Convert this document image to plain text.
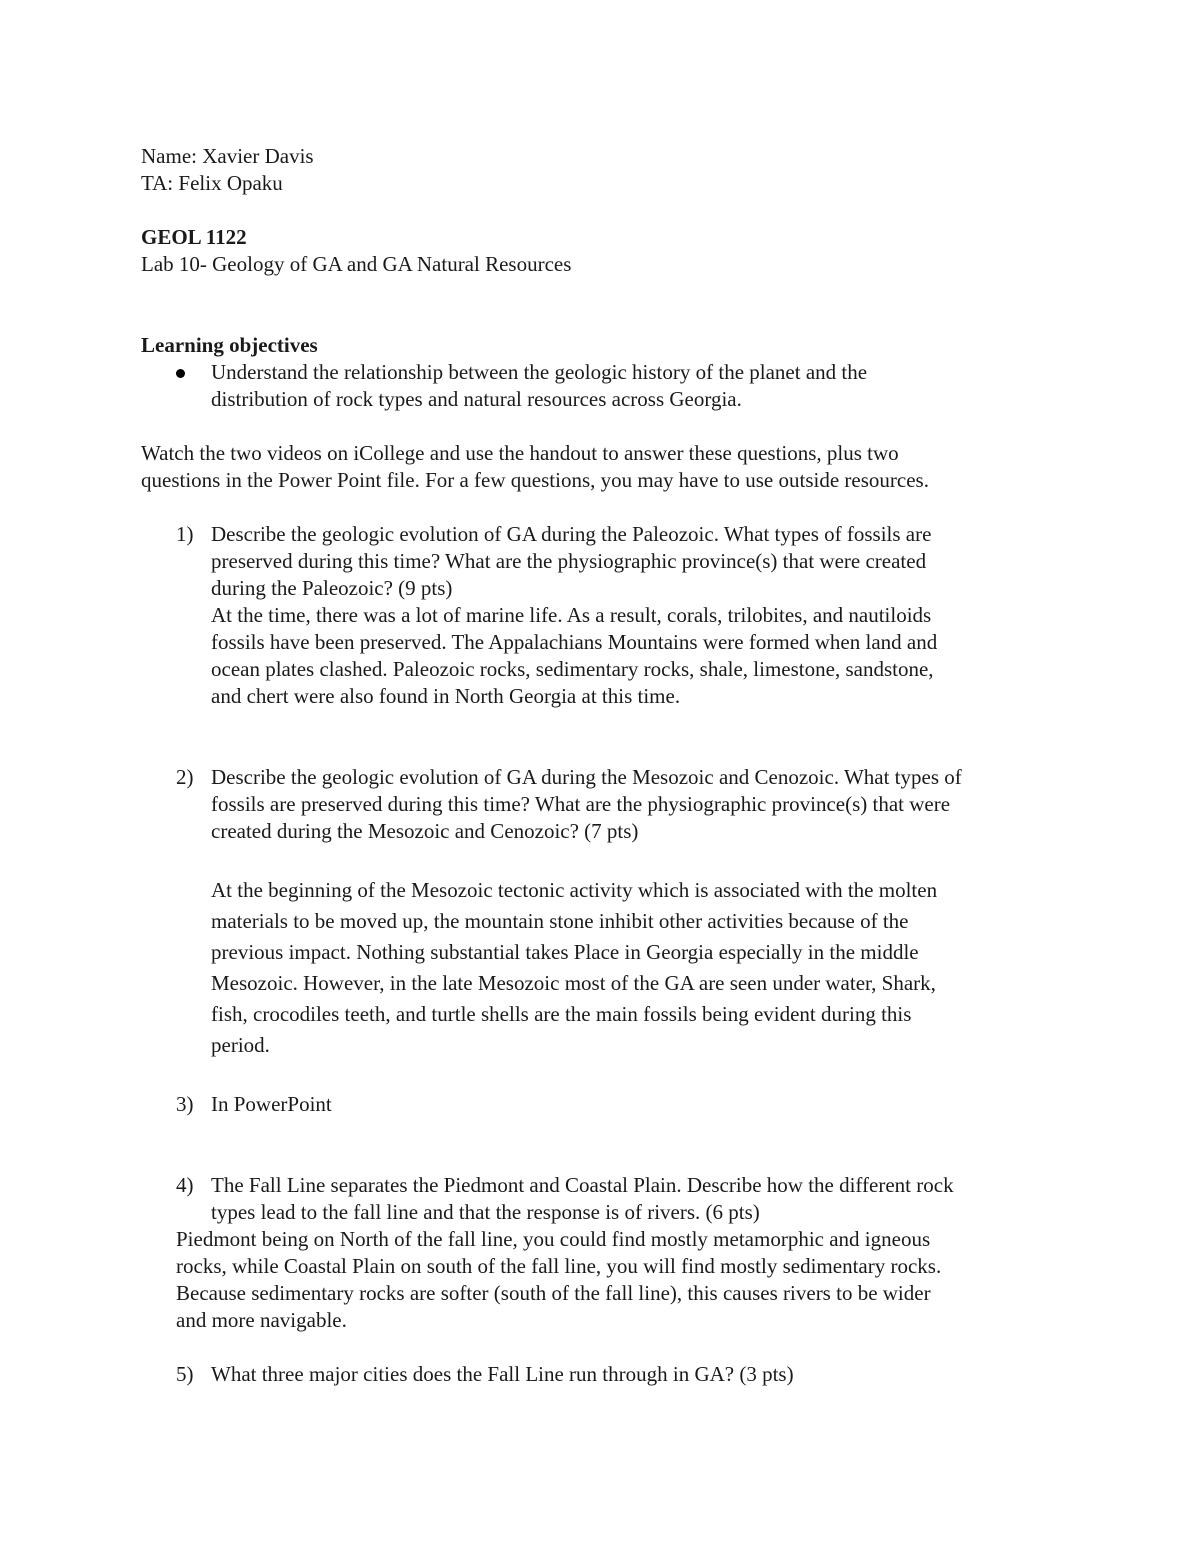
Name: Xavier Davis
TA: Felix Opaku
GEOL 1122
Lab 10- Geology of GA and GA Natural Resources
Learning objectives
Understand the relationship between the geologic history of the planet and the
distribution of rock types and natural resources across Georgia.
Watch the two videos on iCollege and use the handout to answer these questions, plus two
questions in the Power Point file. For a few questions, you may have to use outside resources.
1) Describe the geologic evolution of GA during the Paleozoic. What types of fossils are
preserved during this time? What are the physiographic province(s) that were created
during the Paleozoic? (9 pts)
At the time, there was a lot of marine life. As a result, corals, trilobites, and nautiloids
fossils have been preserved. The Appalachians Mountains were formed when land and
ocean plates clashed. Paleozoic rocks, sedimentary rocks, shale, limestone, sandstone,
and chert were also found in North Georgia at this time.
2) Describe the geologic evolution of GA during the Mesozoic and Cenozoic. What types of
fossils are preserved during this time? What are the physiographic province(s) that were
created during the Mesozoic and Cenozoic? (7 pts)
At the beginning of the Mesozoic tectonic activity which is associated with the molten
materials to be moved up, the mountain stone inhibit other activities because of the
previous impact. Nothing substantial takes Place in Georgia especially in the middle
Mesozoic. However, in the late Mesozoic most of the GA are seen under water, Shark,
fish, crocodiles teeth, and turtle shells are the main fossils being evident during this
period.
3) In PowerPoint
4) The Fall Line separates the Piedmont and Coastal Plain. Describe how the different rock
types lead to the fall line and that the response is of rivers. (6 pts)
Piedmont being on North of the fall line, you could find mostly metamorphic and igneous
rocks, while Coastal Plain on south of the fall line, you will find mostly sedimentary rocks.
Because sedimentary rocks are softer (south of the fall line), this causes rivers to be wider
and more navigable.
5) What three major cities does the Fall Line run through in GA? (3 pts)
